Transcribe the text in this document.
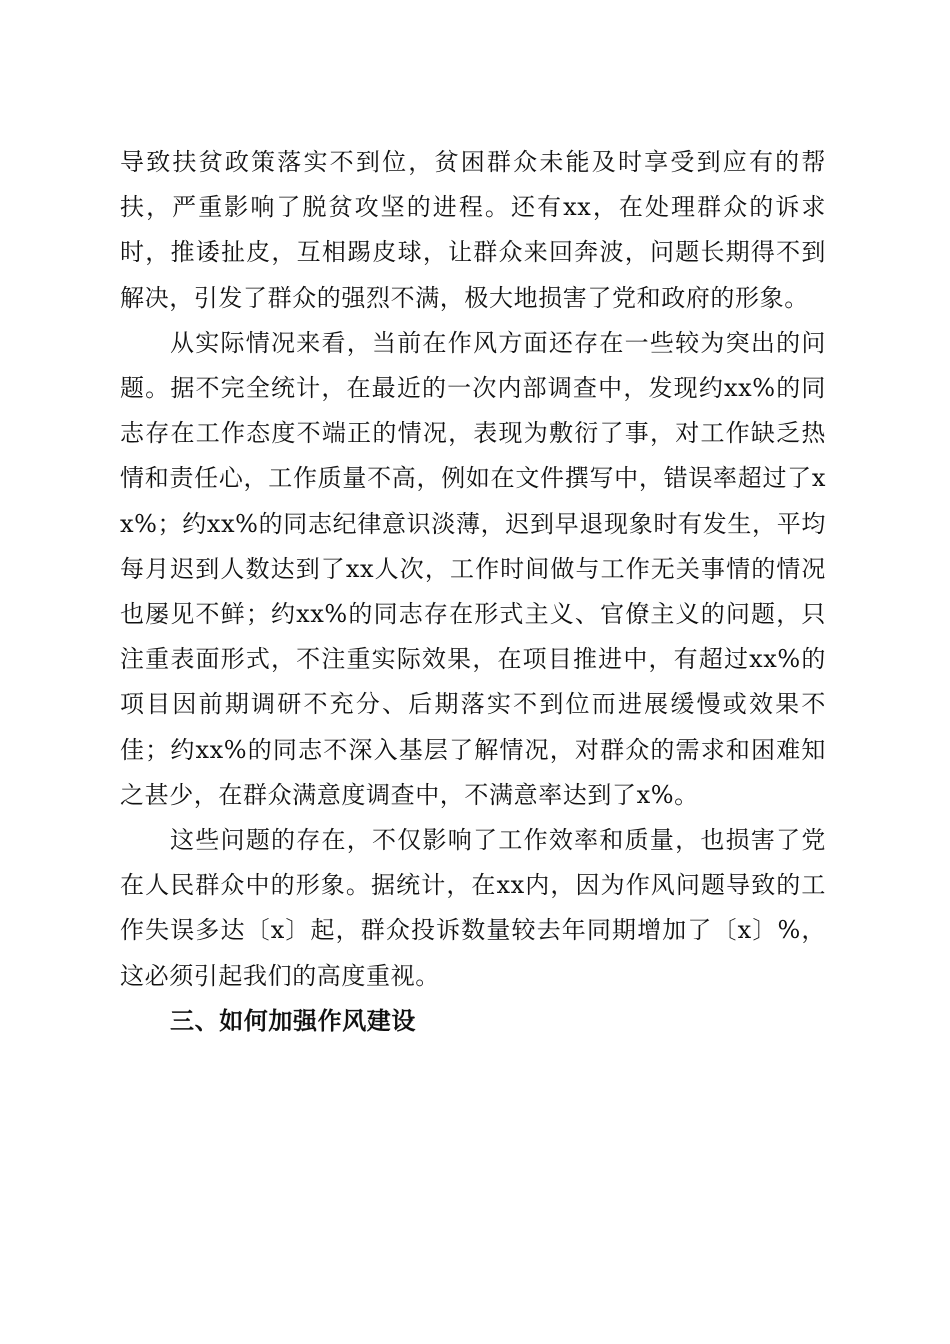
导致扶贫政策落实不到位，贫困群众未能及时享受到应有的帮扶，严重影响了脱贫攻坚的进程。还有xx，在处理群众的诉求时，推诿扯皮，互相踢皮球，让群众来回奔波，问题长期得不到解决，引发了群众的强烈不满，极大地损害了党和政府的形象。

从实际情况来看，当前在作风方面还存在一些较为突出的问题。据不完全统计，在最近的一次内部调查中，发现约xx%的同志存在工作态度不端正的情况，表现为敷衍了事，对工作缺乏热情和责任心，工作质量不高，例如在文件撰写中，错误率超过了xx%；约xx%的同志纪律意识淡薄，迟到早退现象时有发生，平均每月迟到人数达到了xx人次，工作时间做与工作无关事情的情况也屡见不鲜；约xx%的同志存在形式主义、官僚主义的问题，只注重表面形式，不注重实际效果，在项目推进中，有超过xx%的项目因前期调研不充分、后期落实不到位而进展缓慢或效果不佳；约xx%的同志不深入基层了解情况，对群众的需求和困难知之甚少，在群众满意度调查中，不满意率达到了x%。

这些问题的存在，不仅影响了工作效率和质量，也损害了党在人民群众中的形象。据统计，在xx内，因为作风问题导致的工作失误多达〔x〕起，群众投诉数量较去年同期增加了〔x〕%，这必须引起我们的高度重视。

三、如何加强作风建设
